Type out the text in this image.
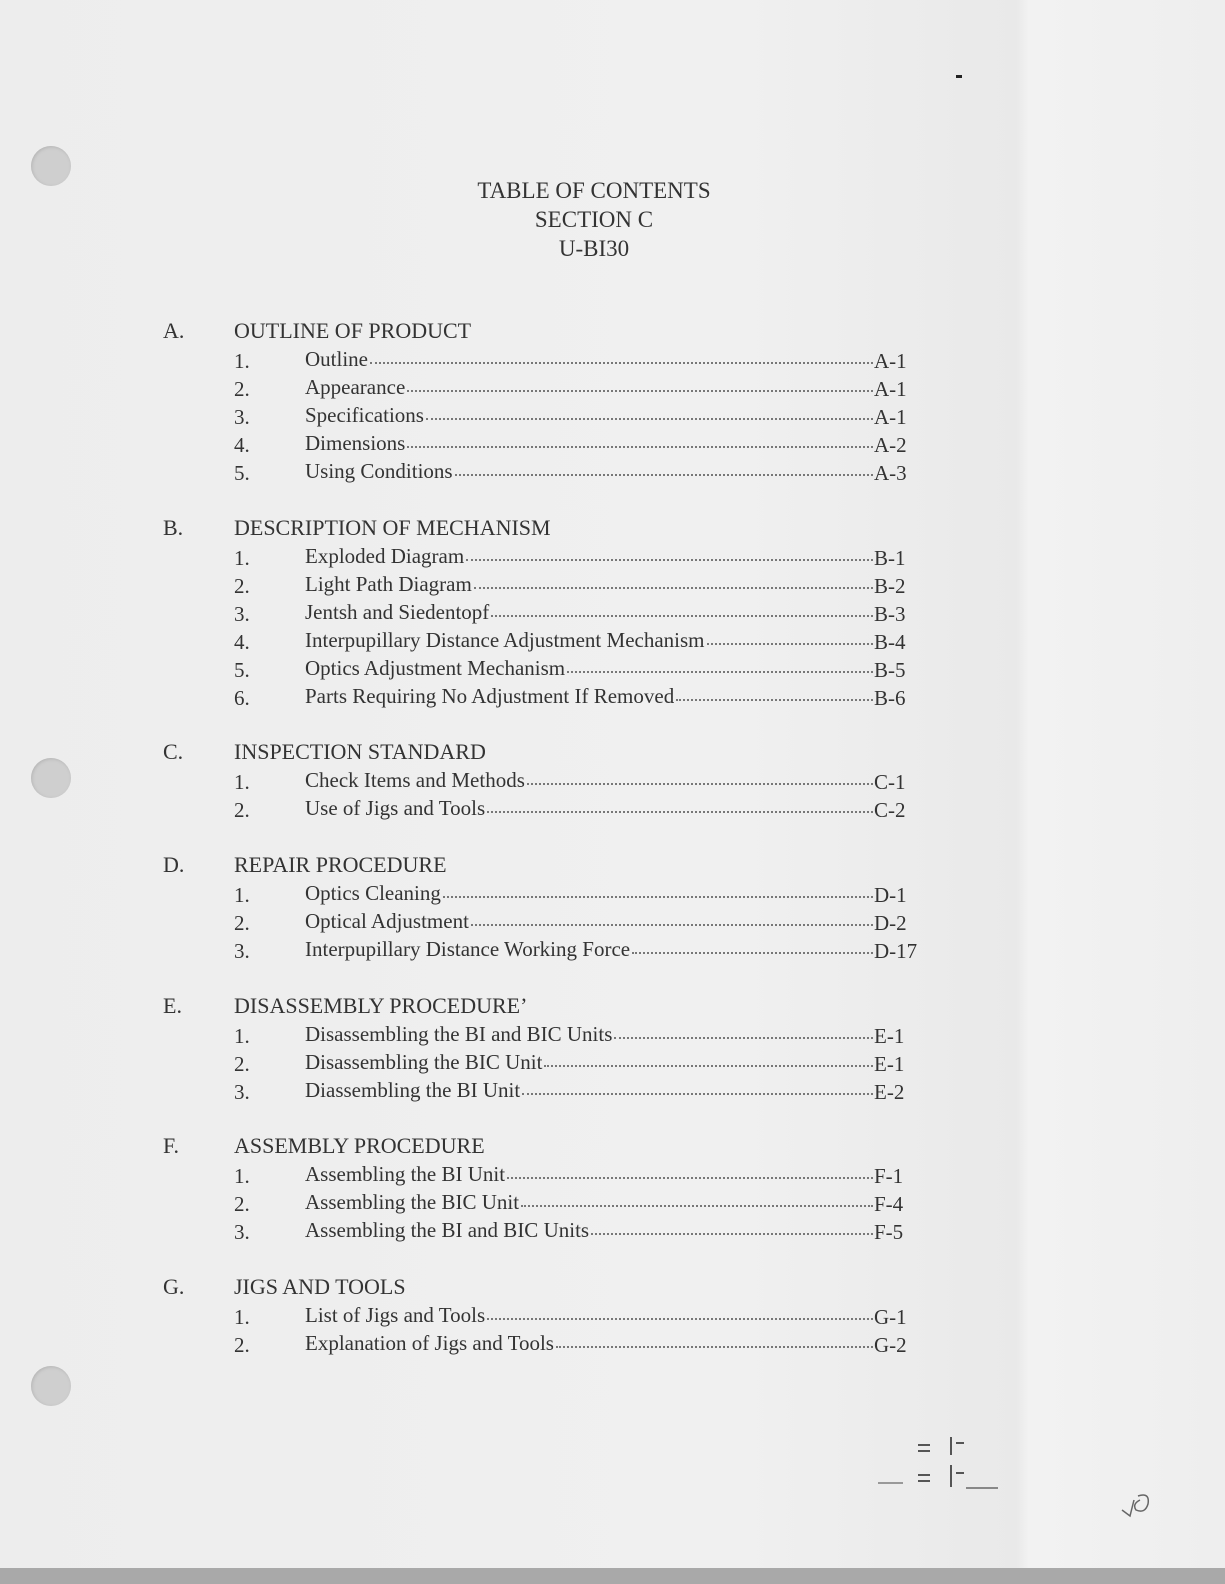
TABLE OF CONTENTS
SECTION C
U-BI30
A. OUTLINE OF PRODUCT
1.	Outline	A-1
2.	Appearance	A-1
3.	Specifications	A-1
4.	Dimensions	A-2
5.	Using Conditions	A-3
B. DESCRIPTION OF MECHANISM
1.	Exploded Diagram	B-1
2.	Light Path Diagram	B-2
3.	Jentsh and Siedentopf	B-3
4.	Interpupillary Distance Adjustment Mechanism	B-4
5.	Optics Adjustment Mechanism	B-5
6.	Parts Requiring No Adjustment If Removed	B-6
C. INSPECTION STANDARD
1.	Check Items and Methods	C-1
2.	Use of Jigs and Tools	C-2
D. REPAIR PROCEDURE
1.	Optics Cleaning	D-1
2.	Optical Adjustment	D-2
3.	Interpupillary Distance Working Force	D-17
E. DISASSEMBLY PROCEDURE’
1.	Disassembling the BI and BIC Units	E-1
2.	Disassembling the BIC Unit	E-1
3.	Diassembling the BI Unit	E-2
F.	ASSEMBLY PROCEDURE
1.	Assembling the BI Unit	F-1
2.	Assembling the BIC Unit	F-4
3.	Assembling the BI and BIC Units	F-5
G. JIGS AND TOOLS
1.	List of Jigs and Tools	G-1
2.	Explanation of Jigs and Tools	G-2
